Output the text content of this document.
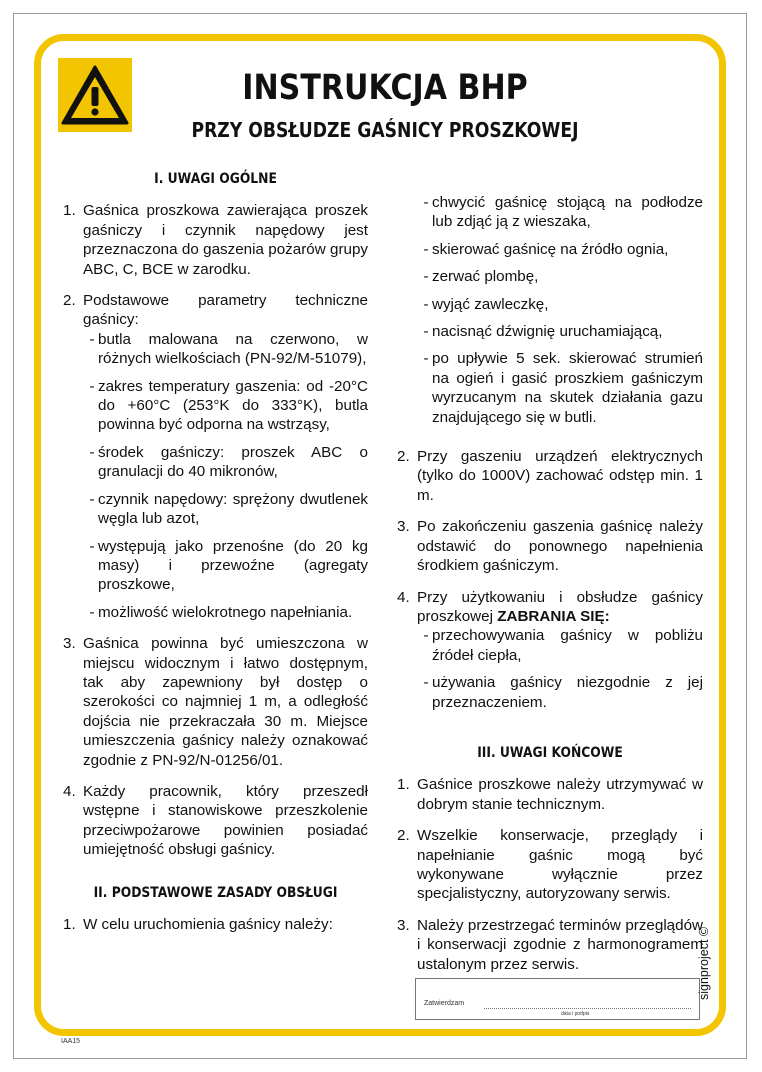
INSTRUKCJA BHP
PRZY OBSŁUDZE GAŚNICY PROSZKOWEJ
I. UWAGI OGÓLNE
1. Gaśnica proszkowa zawierająca proszek gaśniczy i czynnik napędowy jest przeznaczona do gaszenia pożarów grupy ABC, C, BCE w zarodku.
2. Podstawowe parametry techniczne gaśnicy:
- butla malowana na czerwono, w różnych wielkościach (PN-92/M-51079),
- zakres temperatury gaszenia: od -20°C do +60°C (253°K do 333°K), butla powinna być odporna na wstrząsy,
- środek gaśniczy: proszek ABC o granulacji do 40 mikronów,
- czynnik napędowy: sprężony dwutlenek węgla lub azot,
- występują jako przenośne (do 20 kg masy) i przewoźne (agregaty proszkowe,
- możliwość wielokrotnego napełniania.
3. Gaśnica powinna być umieszczona w miejscu widocznym i łatwo dostępnym, tak aby zapewniony był dostęp o szerokości co najmniej 1 m, a odległość dojścia nie przekraczała 30 m. Miejsce umieszczenia gaśnicy należy oznakować zgodnie z PN-92/N-01256/01.
4. Każdy pracownik, który przeszedł wstępne i stanowiskowe przeszkolenie przeciwpożarowe powinien posiadać umiejętność obsługi gaśnicy.
II. PODSTAWOWE ZASADY OBSŁUGI
1. W celu uruchomienia gaśnicy należy:
- chwycić gaśnicę stojącą na podłodze lub zdjąć ją z wieszaka,
- skierować gaśnicę na źródło ognia,
- zerwać plombę,
- wyjąć zawleczkę,
- nacisnąć dźwignię uruchamiającą,
- po upływie 5 sek. skierować strumień na ogień i gasić proszkiem gaśniczym wyrzucanym na skutek działania gazu znajdującego się w butli.
2. Przy gaszeniu urządzeń elektrycznych (tylko do 1000V) zachować odstęp min. 1 m.
3. Po zakończeniu gaszenia gaśnicę należy odstawić do ponownego napełnienia środkiem gaśniczym.
4. Przy użytkowaniu i obsłudze gaśnicy proszkowej ZABRANIA SIĘ:
- przechowywania gaśnicy w pobliżu źródeł ciepła,
- używania gaśnicy niezgodnie z jej przeznaczeniem.
III. UWAGI KOŃCOWE
1. Gaśnice proszkowe należy utrzymywać w dobrym stanie technicznym.
2. Wszelkie konserwacje, przeglądy i napełnianie gaśnic mogą być wykonywane wyłącznie przez specjalistyczny, autoryzowany serwis.
3. Należy przestrzegać terminów przeglądów i konserwacji zgodnie z harmonogramem ustalonym przez serwis.
Zatwierdzam
data i podpis
signproject ©
IAA15
